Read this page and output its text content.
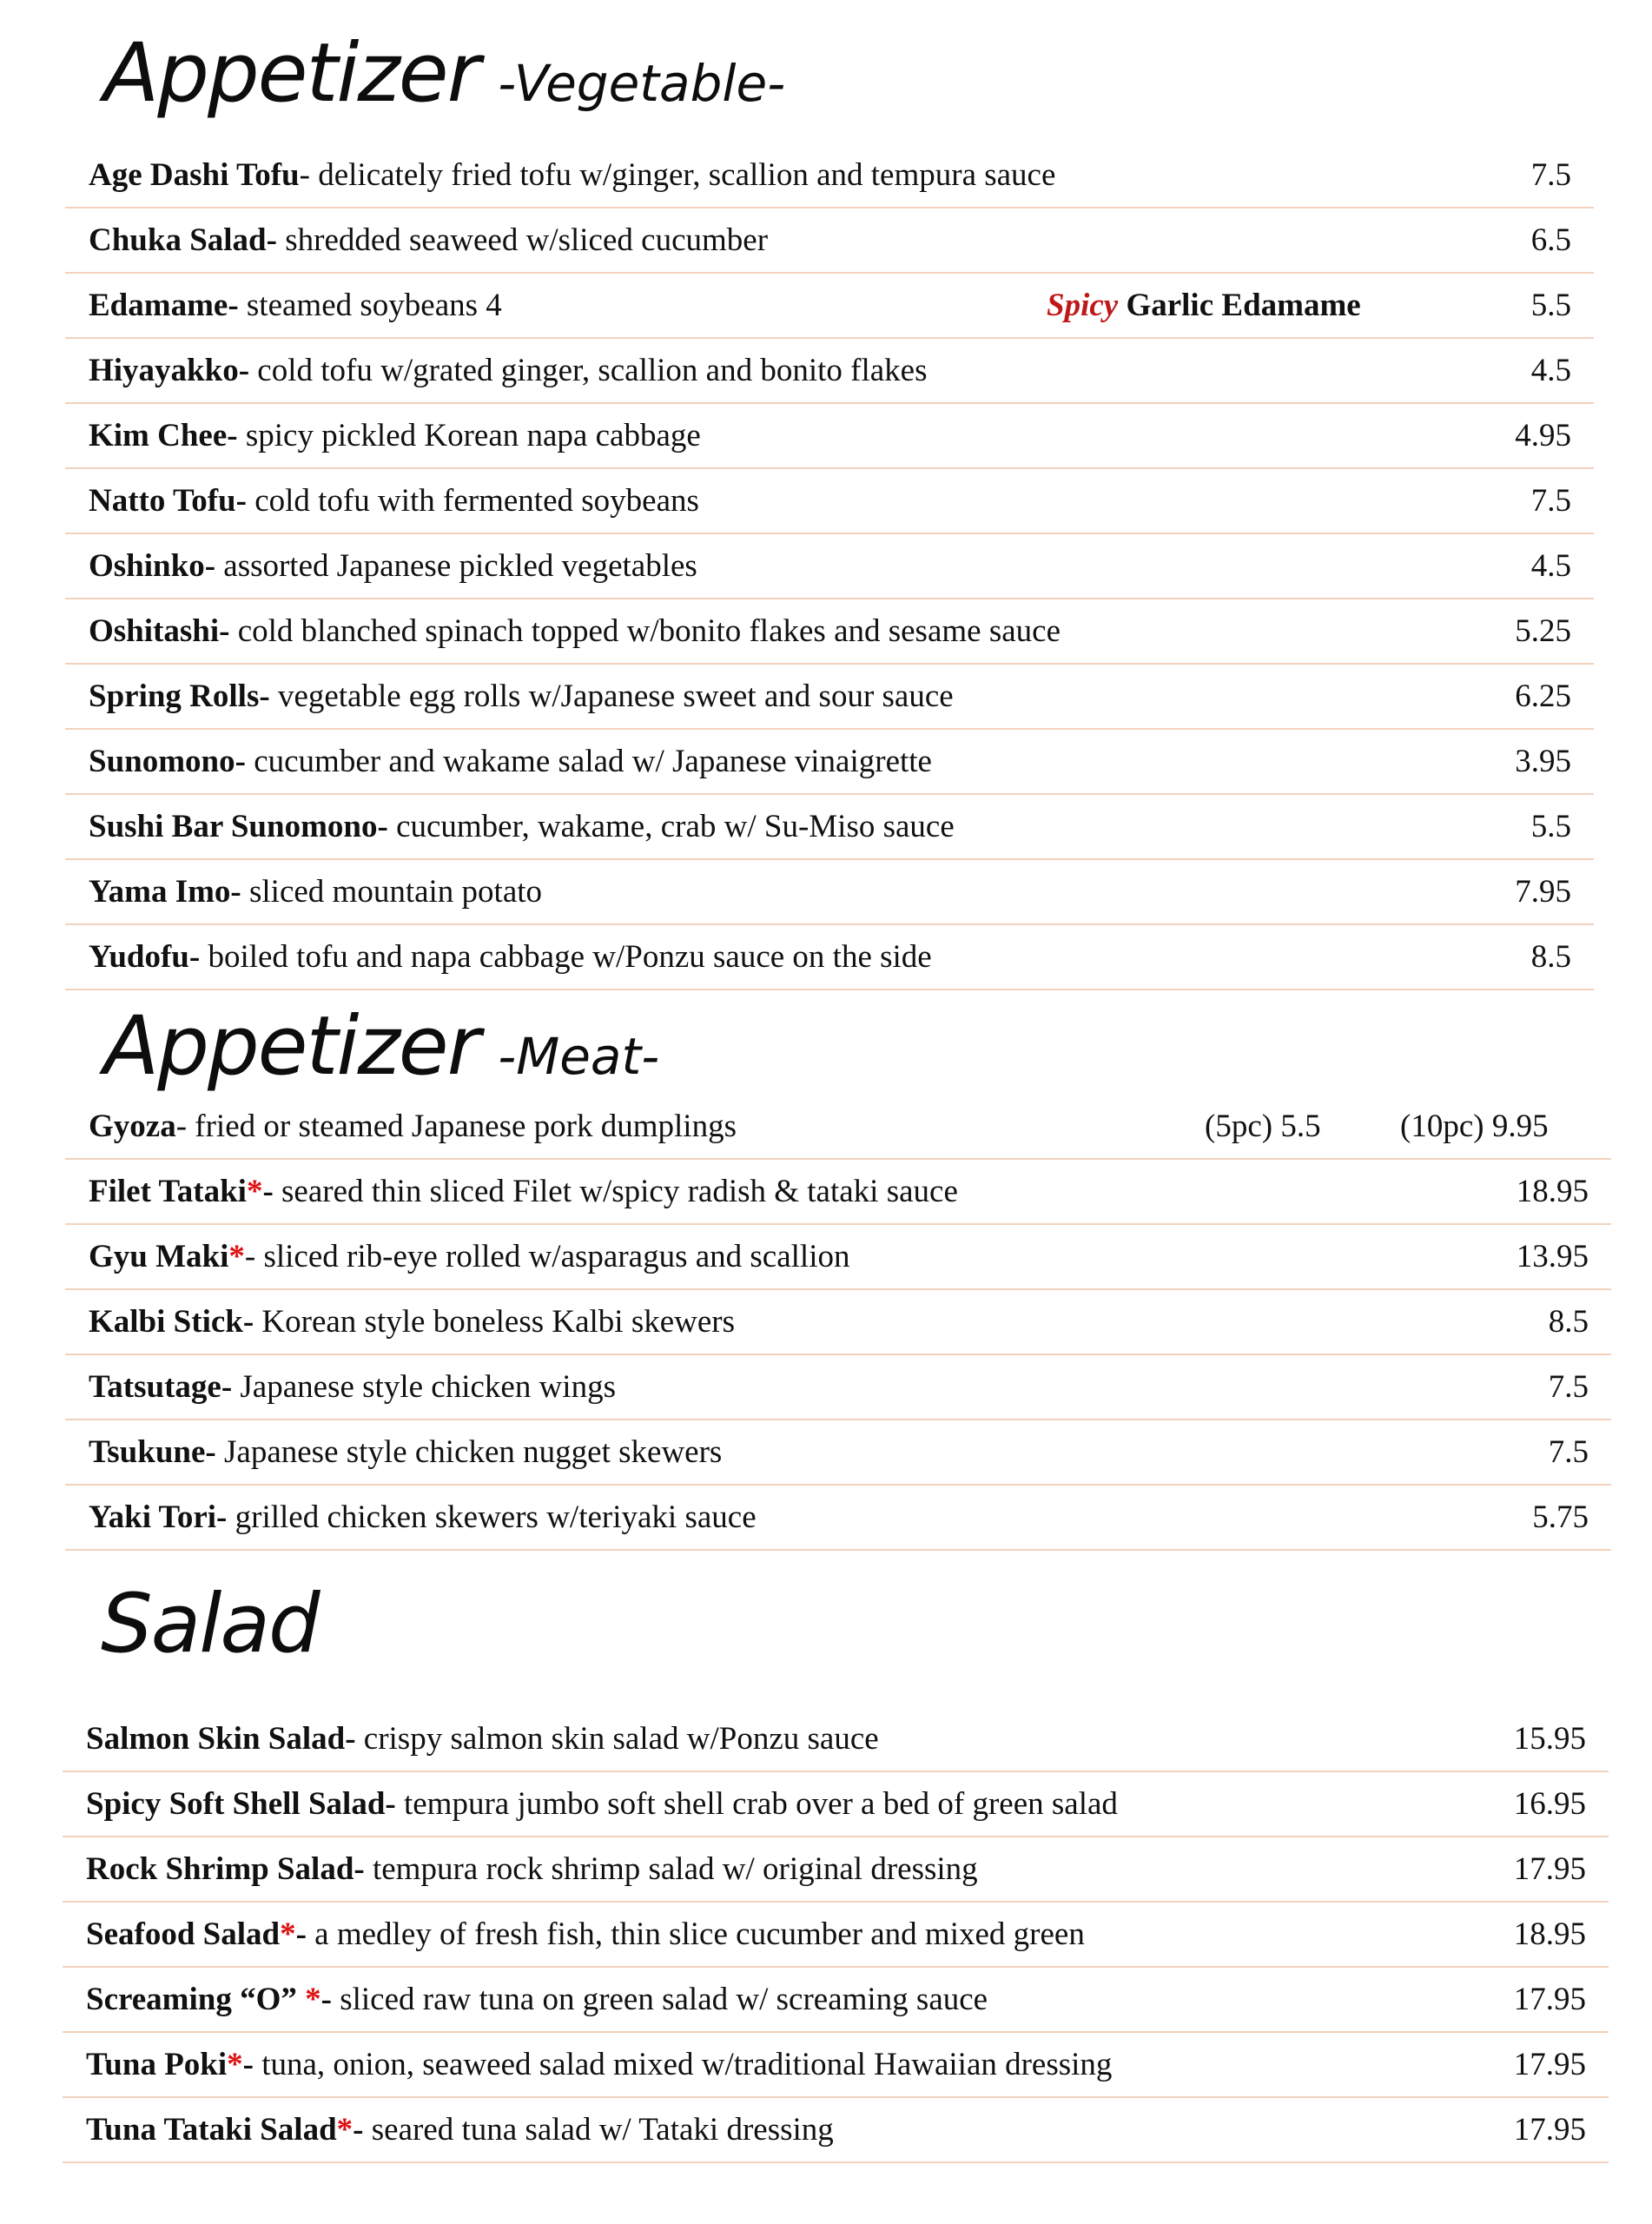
Appetizer -Vegetable-
Age Dashi Tofu- delicately fried tofu w/ginger, scallion and tempura sauce	7.5
Chuka Salad- shredded seaweed w/sliced cucumber	6.5
Edamame- steamed soybeans 4	Spicy Garlic Edamame	5.5
Hiyayakko- cold tofu w/grated ginger, scallion and bonito flakes	4.5
Kim Chee- spicy pickled Korean napa cabbage	4.95
Natto Tofu- cold tofu with fermented soybeans	7.5
Oshinko- assorted Japanese pickled vegetables	4.5
Oshitashi- cold blanched spinach topped w/bonito flakes and sesame sauce	5.25
Spring Rolls- vegetable egg rolls w/Japanese sweet and sour sauce	6.25
Sunomono- cucumber and wakame salad w/ Japanese vinaigrette	3.95
Sushi Bar Sunomono- cucumber, wakame, crab w/ Su-Miso sauce	5.5
Yama Imo- sliced mountain potato	7.95
Yudofu- boiled tofu and napa cabbage w/Ponzu sauce on the side	8.5
Appetizer -Meat-
Gyoza- fried or steamed Japanese pork dumplings	(5pc) 5.5 (10pc) 9.95
Filet Tataki*- seared thin sliced Filet w/spicy radish & tataki sauce	18.95
Gyu Maki*- sliced rib-eye rolled w/asparagus and scallion	13.95
Kalbi Stick- Korean style boneless Kalbi skewers	8.5
Tatsutage- Japanese style chicken wings	7.5
Tsukune- Japanese style chicken nugget skewers	7.5
Yaki Tori- grilled chicken skewers w/teriyaki sauce	5.75
Salad
Salmon Skin Salad- crispy salmon skin salad w/Ponzu sauce	15.95
Spicy Soft Shell Salad- tempura jumbo soft shell crab over a bed of green salad	16.95
Rock Shrimp Salad- tempura rock shrimp salad w/ original dressing	17.95
Seafood Salad*- a medley of fresh fish, thin slice cucumber and mixed green	18.95
Screaming “O” *- sliced raw tuna on green salad w/ screaming sauce	17.95
Tuna Poki*- tuna, onion, seaweed salad mixed w/traditional Hawaiian dressing	17.95
Tuna Tataki Salad*- seared tuna salad w/ Tataki dressing	17.95
